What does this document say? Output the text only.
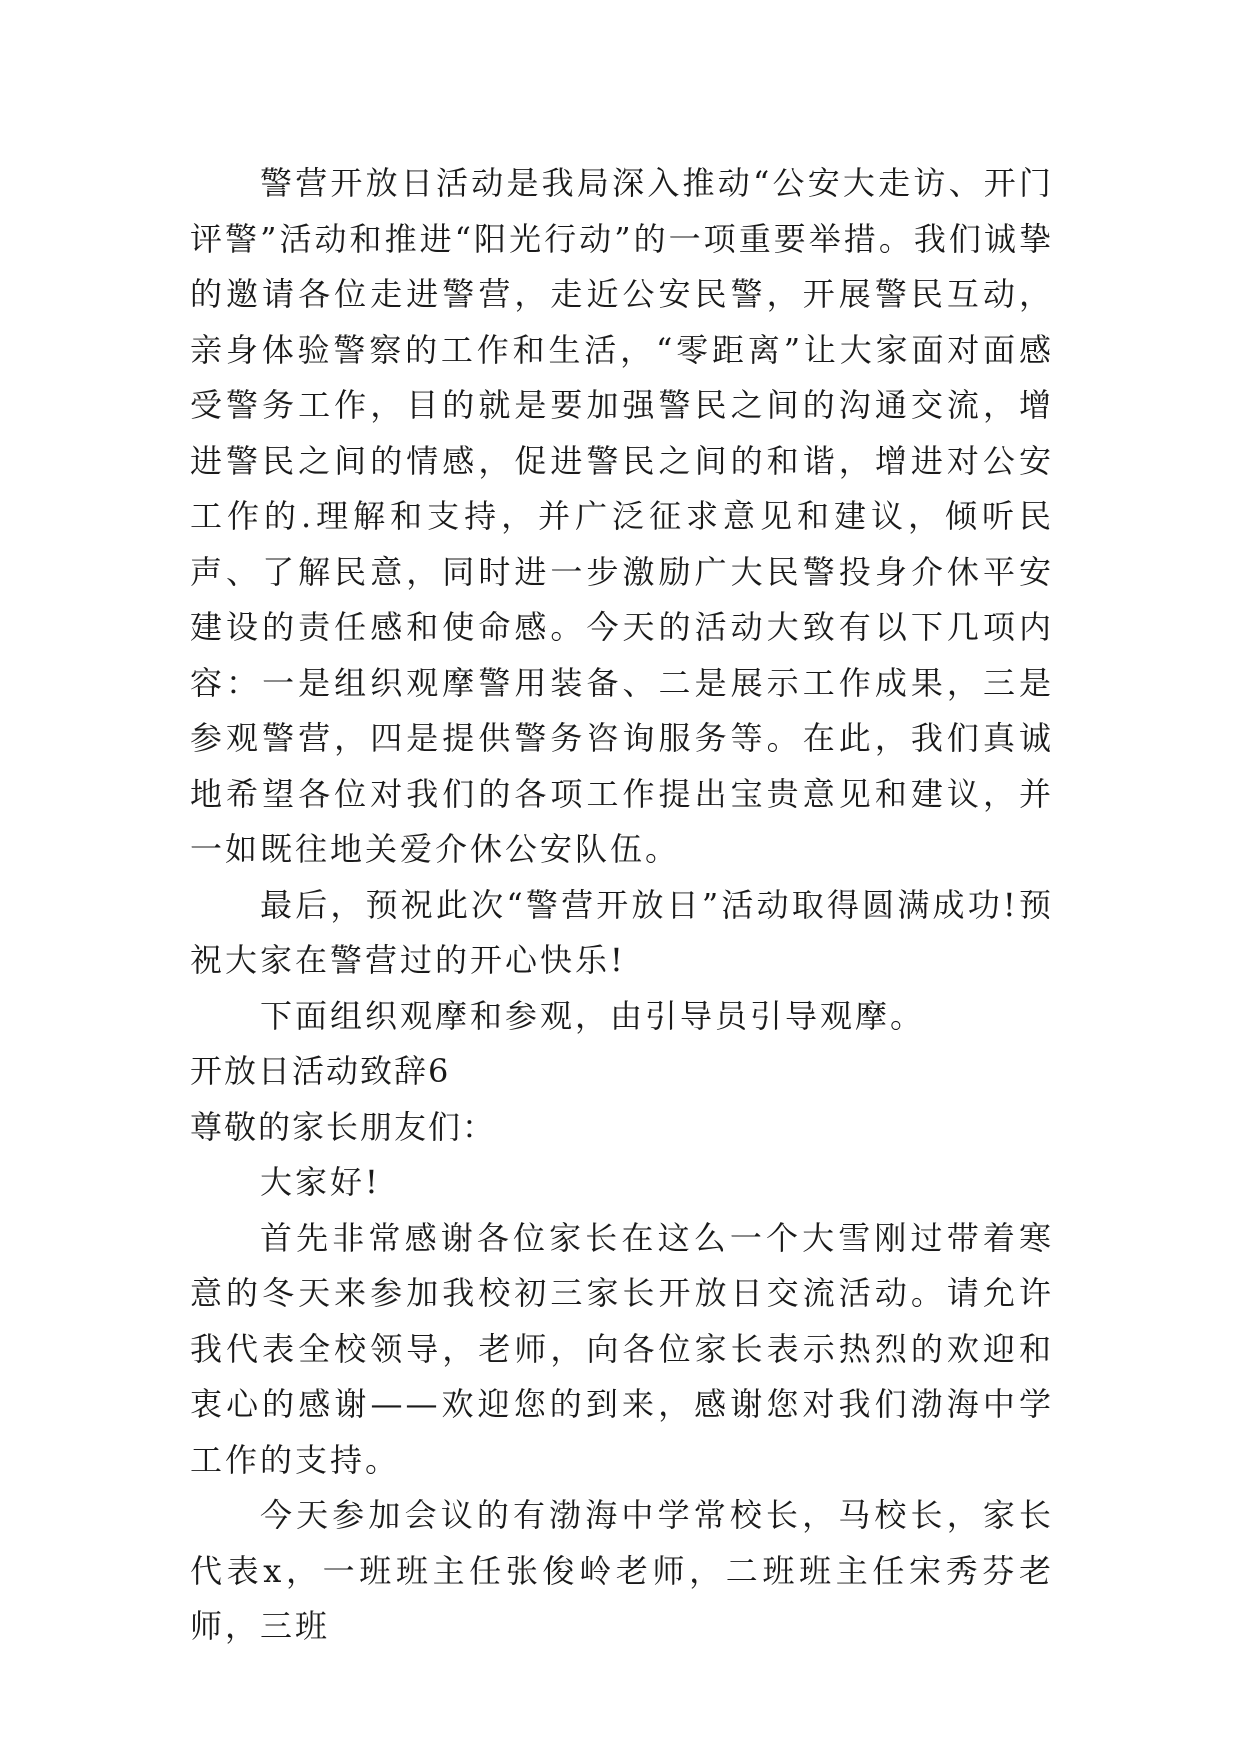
警营开放日活动是我局深入推动“公安大走访、开门评警”活动和推进“阳光行动”的一项重要举措。我们诚挚的邀请各位走进警营，走近公安民警，开展警民互动，亲身体验警察的工作和生活，“零距离”让大家面对面感受警务工作，目的就是要加强警民之间的沟通交流，增进警民之间的情感，促进警民之间的和谐，增进对公安工作的.理解和支持，并广泛征求意见和建议，倾听民声、了解民意，同时进一步激励广大民警投身介休平安建设的责任感和使命感。今天的活动大致有以下几项内容：一是组织观摩警用装备、二是展示工作成果，三是参观警营，四是提供警务咨询服务等。在此，我们真诚地希望各位对我们的各项工作提出宝贵意见和建议，并一如既往地关爱介休公安队伍。

最后，预祝此次“警营开放日”活动取得圆满成功!预祝大家在警营过的开心快乐!

下面组织观摩和参观，由引导员引导观摩。

开放日活动致辞6

尊敬的家长朋友们：

大家好!

首先非常感谢各位家长在这么一个大雪刚过带着寒意的冬天来参加我校初三家长开放日交流活动。请允许我代表全校领导，老师，向各位家长表示热烈的欢迎和衷心的感谢——欢迎您的到来，感谢您对我们渤海中学工作的支持。

今天参加会议的有渤海中学常校长，马校长，家长代表x，一班班主任张俊岭老师，二班班主任宋秀芬老师，三班
